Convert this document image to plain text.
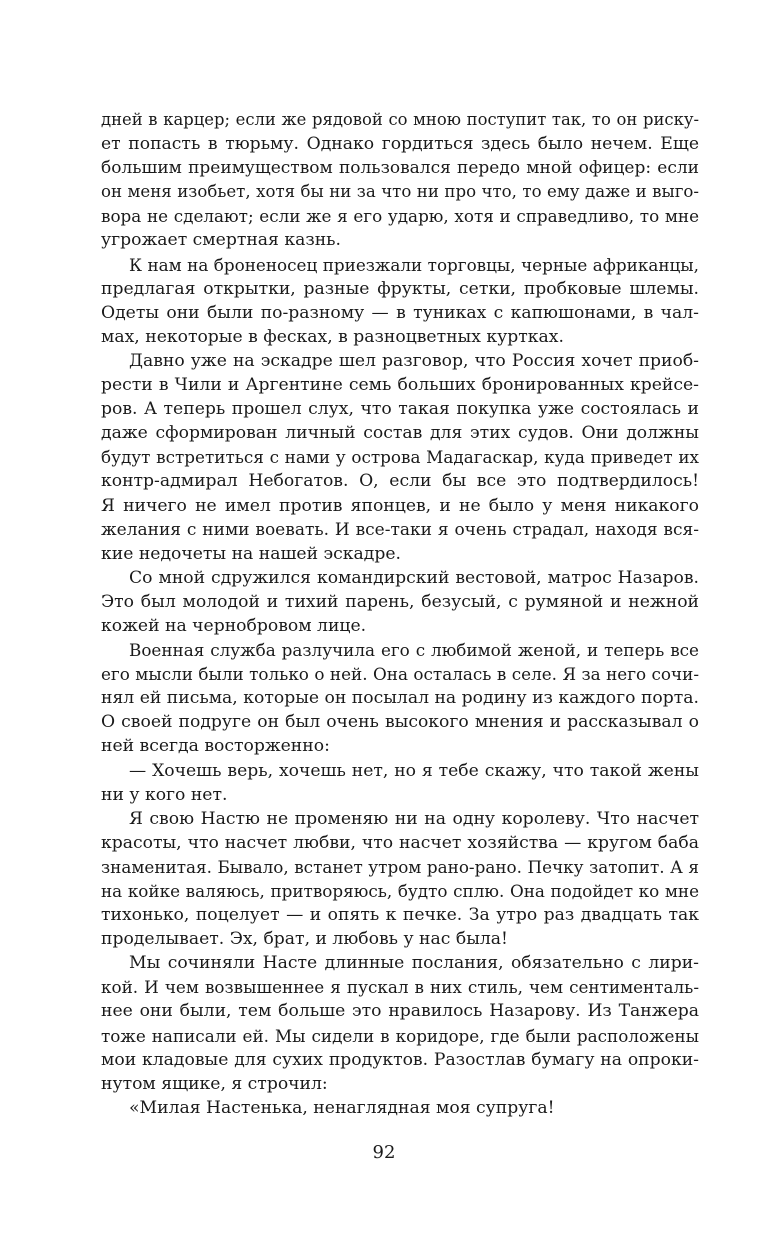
дней в карцер; если же рядовой со мною поступит так, то он риску-
ет попасть в тюрьму. Однако гордиться здесь было нечем. Еще
большим преимуществом пользовался передо мной офицер: если
он меня изобьет, хотя бы ни за что ни про что, то ему даже и выго-
вора не сделают; если же я его ударю, хотя и справедливо, то мне
угрожает смертная казнь.
К нам на броненосец приезжали торговцы, черные африканцы,
предлагая открытки, разные фрукты, сетки, пробковые шлемы.
Одеты они были по-разному — в туниках с капюшонами, в чал-
мах, некоторые в фесках, в разноцветных куртках.
Давно уже на эскадре шел разговор, что Россия хочет приоб-
рести в Чили и Аргентине семь больших бронированных крейсе-
ров. А теперь прошел слух, что такая покупка уже состоялась и
даже сформирован личный состав для этих судов. Они должны
будут встретиться с нами у острова Мадагаскар, куда приведет их
контр-адмирал Небогатов. О, если бы все это подтвердилось!
Я ничего не имел против японцев, и не было у меня никакого
желания с ними воевать. И все-таки я очень страдал, находя вся-
кие недочеты на нашей эскадре.
Со мной сдружился командирский вестовой, матрос Назаров.
Это был молодой и тихий парень, безусый, с румяной и нежной
кожей на чернобровом лице.
Военная служба разлучила его с любимой женой, и теперь все
его мысли были только о ней. Она осталась в селе. Я за него сочи-
нял ей письма, которые он посылал на родину из каждого порта.
О своей подруге он был очень высокого мнения и рассказывал о
ней всегда восторженно:
— Хочешь верь, хочешь нет, но я тебе скажу, что такой жены
ни у кого нет.
Я свою Настю не променяю ни на одну королеву. Что насчет
красоты, что насчет любви, что насчет хозяйства — кругом баба
знаменитая. Бывало, встанет утром рано-рано. Печку затопит. А я
на койке валяюсь, притворяюсь, будто сплю. Она подойдет ко мне
тихонько, поцелует — и опять к печке. За утро раз двадцать так
проделывает. Эх, брат, и любовь у нас была!
Мы сочиняли Насте длинные послания, обязательно с лири-
кой. И чем возвышеннее я пускал в них стиль, чем сентименталь-
нее они были, тем больше это нравилось Назарову. Из Танжера
тоже написали ей. Мы сидели в коридоре, где были расположены
мои кладовые для сухих продуктов. Разостлав бумагу на опроки-
нутом ящике, я строчил:
«Милая Настенька, ненаглядная моя супруга!
92
